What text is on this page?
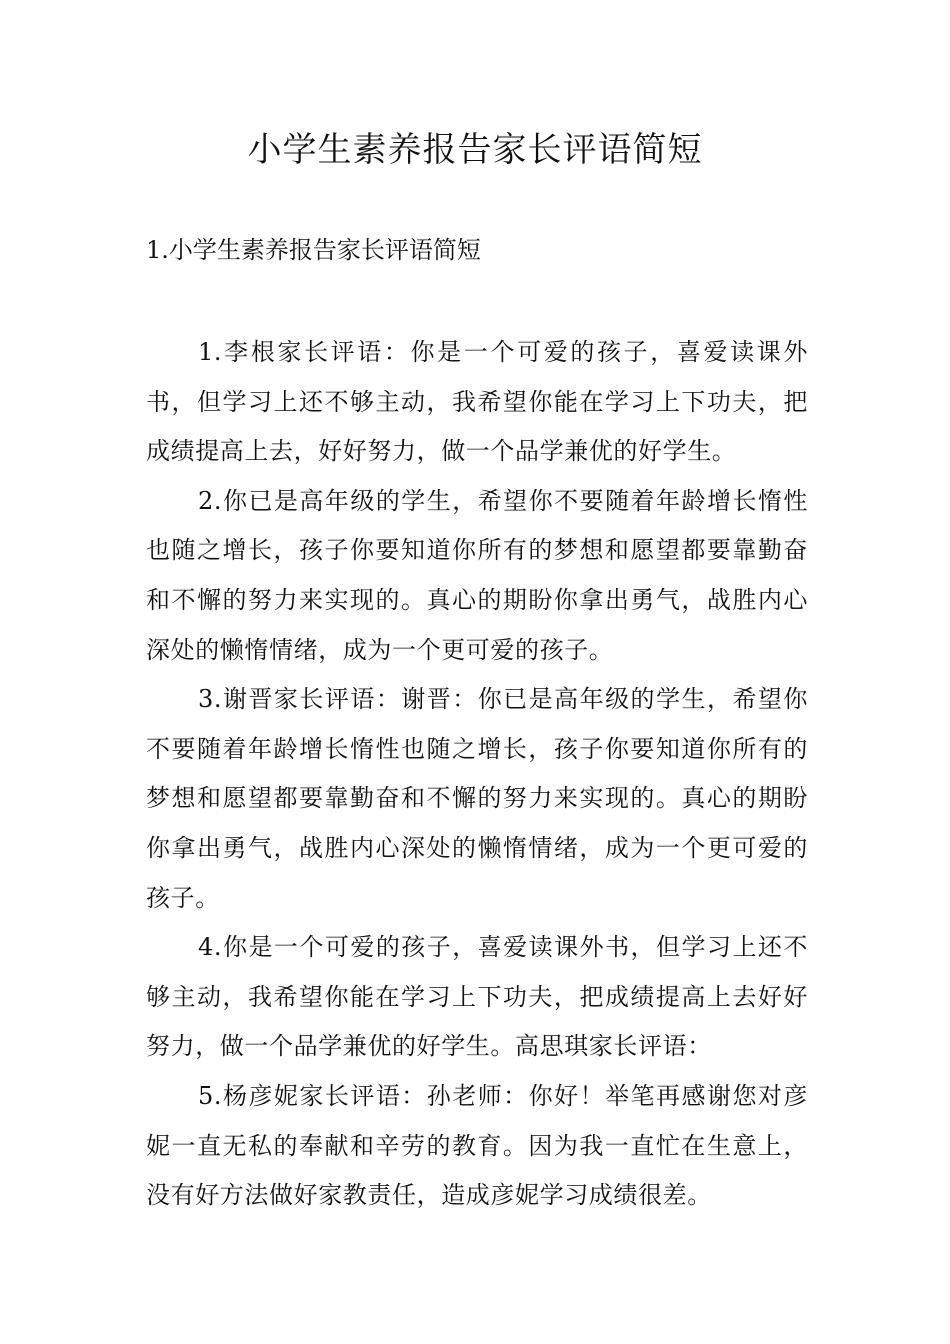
小学生素养报告家长评语简短
1.小学生素养报告家长评语简短

1.李根家长评语：你是一个可爱的孩子，喜爱读课外书，但学习上还不够主动，我希望你能在学习上下功夫，把成绩提高上去，好好努力，做一个品学兼优的好学生。

2.你已是高年级的学生，希望你不要随着年龄增长惰性也随之增长，孩子你要知道你所有的梦想和愿望都要靠勤奋和不懈的努力来实现的。真心的期盼你拿出勇气，战胜内心深处的懒惰情绪，成为一个更可爱的孩子。

3.谢晋家长评语：谢晋：你已是高年级的学生，希望你不要随着年龄增长惰性也随之增长，孩子你要知道你所有的梦想和愿望都要靠勤奋和不懈的努力来实现的。真心的期盼你拿出勇气，战胜内心深处的懒惰情绪，成为一个更可爱的孩子。

4.你是一个可爱的孩子，喜爱读课外书，但学习上还不够主动，我希望你能在学习上下功夫，把成绩提高上去好好努力，做一个品学兼优的好学生。高思琪家长评语：

5.杨彦妮家长评语：孙老师：你好！举笔再感谢您对彦妮一直无私的奉献和辛劳的教育。因为我一直忙在生意上，没有好方法做好家教责任，造成彦妮学习成绩很差。
